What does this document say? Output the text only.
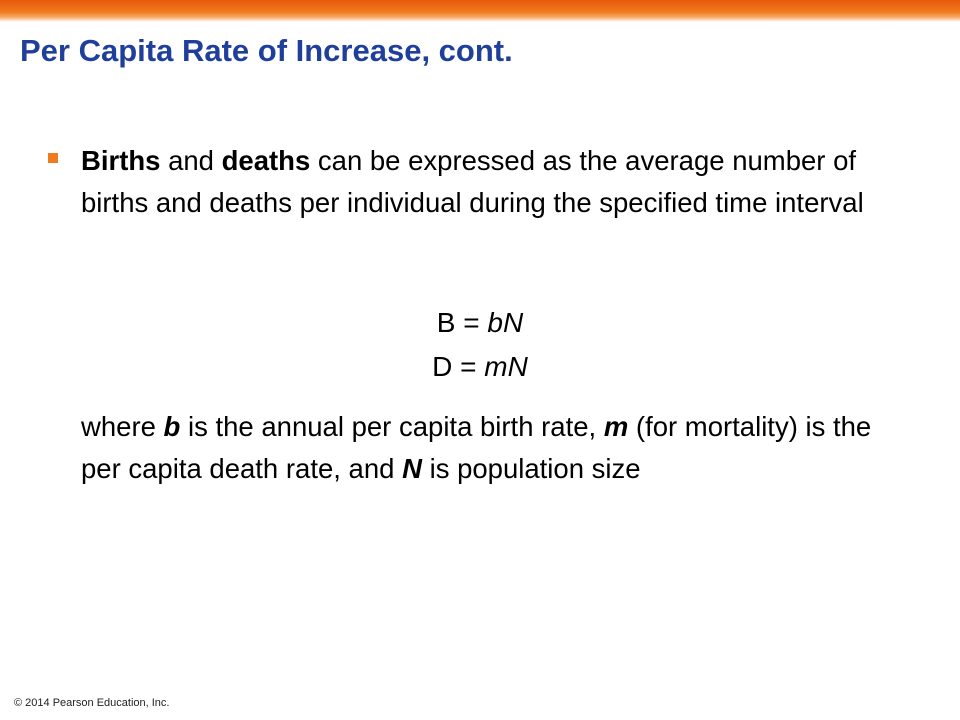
Per Capita Rate of Increase, cont.
Births and deaths can be expressed as the average number of births and deaths per individual during the specified time interval

B = bN

D = mN

where b is the annual per capita birth rate, m (for mortality) is the per capita death rate, and N is population size
© 2014 Pearson Education, Inc.
